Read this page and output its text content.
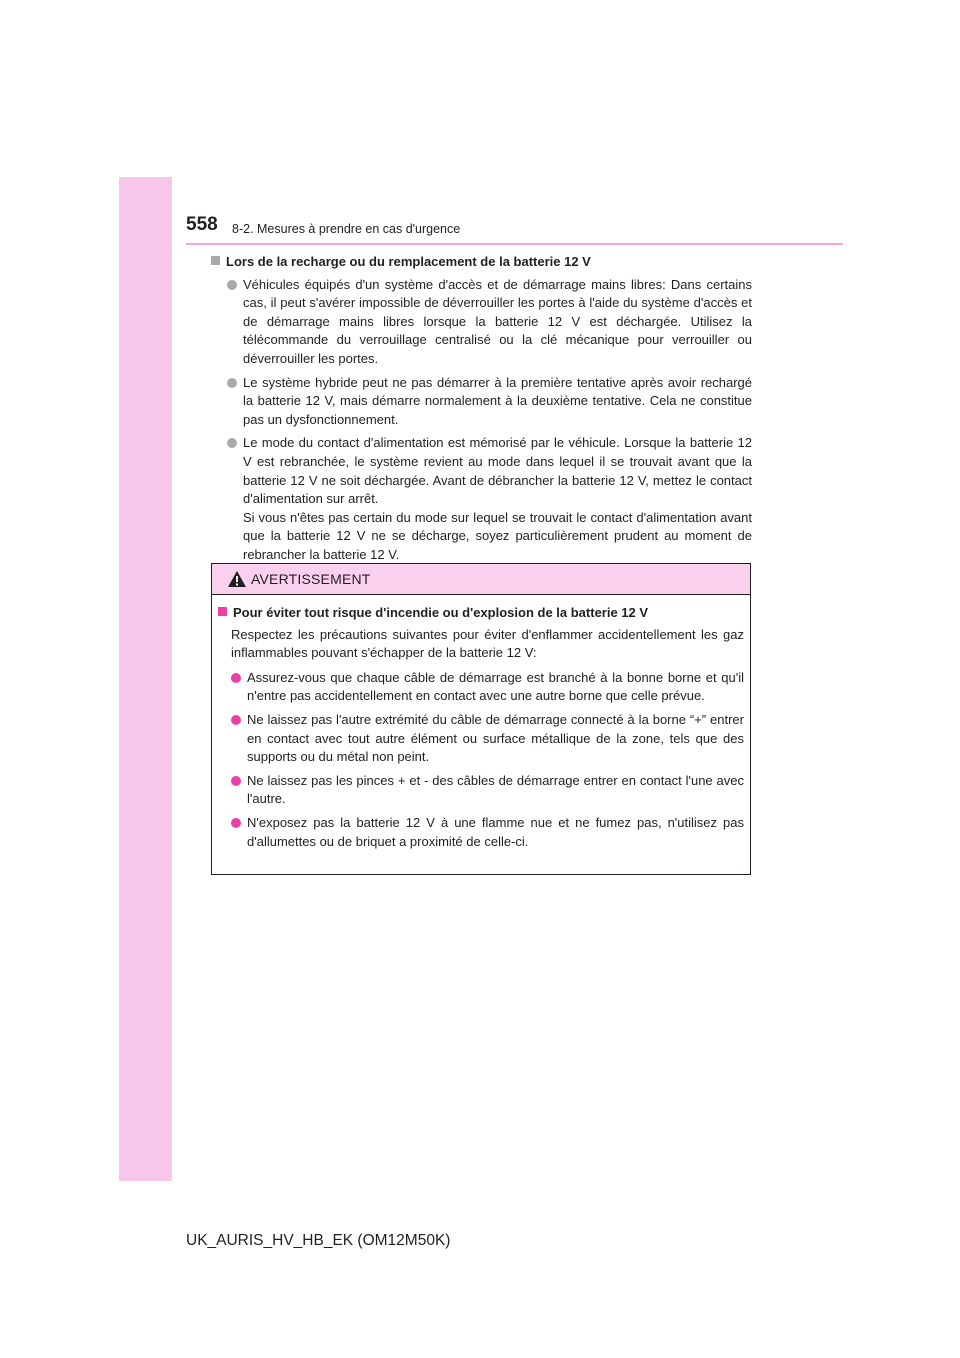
558 8-2. Mesures à prendre en cas d'urgence
Lors de la recharge ou du remplacement de la batterie 12 V
Véhicules équipés d'un système d'accès et de démarrage mains libres: Dans certains cas, il peut s'avérer impossible de déverrouiller les portes à l'aide du système d'accès et de démarrage mains libres lorsque la batterie 12 V est déchargée. Utilisez la télécommande du verrouillage centralisé ou la clé mécanique pour verrouiller ou déverrouiller les portes.
Le système hybride peut ne pas démarrer à la première tentative après avoir rechargé la batterie 12 V, mais démarre normalement à la deuxième tentative. Cela ne constitue pas un dysfonctionnement.
Le mode du contact d'alimentation est mémorisé par le véhicule. Lorsque la batterie 12 V est rebranchée, le système revient au mode dans lequel il se trouvait avant que la batterie 12 V ne soit déchargée. Avant de débrancher la batterie 12 V, mettez le contact d'alimentation sur arrêt.
Si vous n'êtes pas certain du mode sur lequel se trouvait le contact d'alimentation avant que la batterie 12 V ne se décharge, soyez particulièrement prudent au moment de rebrancher la batterie 12 V.
AVERTISSEMENT
Pour éviter tout risque d'incendie ou d'explosion de la batterie 12 V
Respectez les précautions suivantes pour éviter d'enflammer accidentellement les gaz inflammables pouvant s'échapper de la batterie 12 V:
Assurez-vous que chaque câble de démarrage est branché à la bonne borne et qu'il n'entre pas accidentellement en contact avec une autre borne que celle prévue.
Ne laissez pas l'autre extrémité du câble de démarrage connecté à la borne “+” entrer en contact avec tout autre élément ou surface métallique de la zone, tels que des supports ou du métal non peint.
Ne laissez pas les pinces + et - des câbles de démarrage entrer en contact l'une avec l'autre.
N'exposez pas la batterie 12 V à une flamme nue et ne fumez pas, n'utilisez pas d'allumettes ou de briquet a proximité de celle-ci.
UK_AURIS_HV_HB_EK (OM12M50K)
